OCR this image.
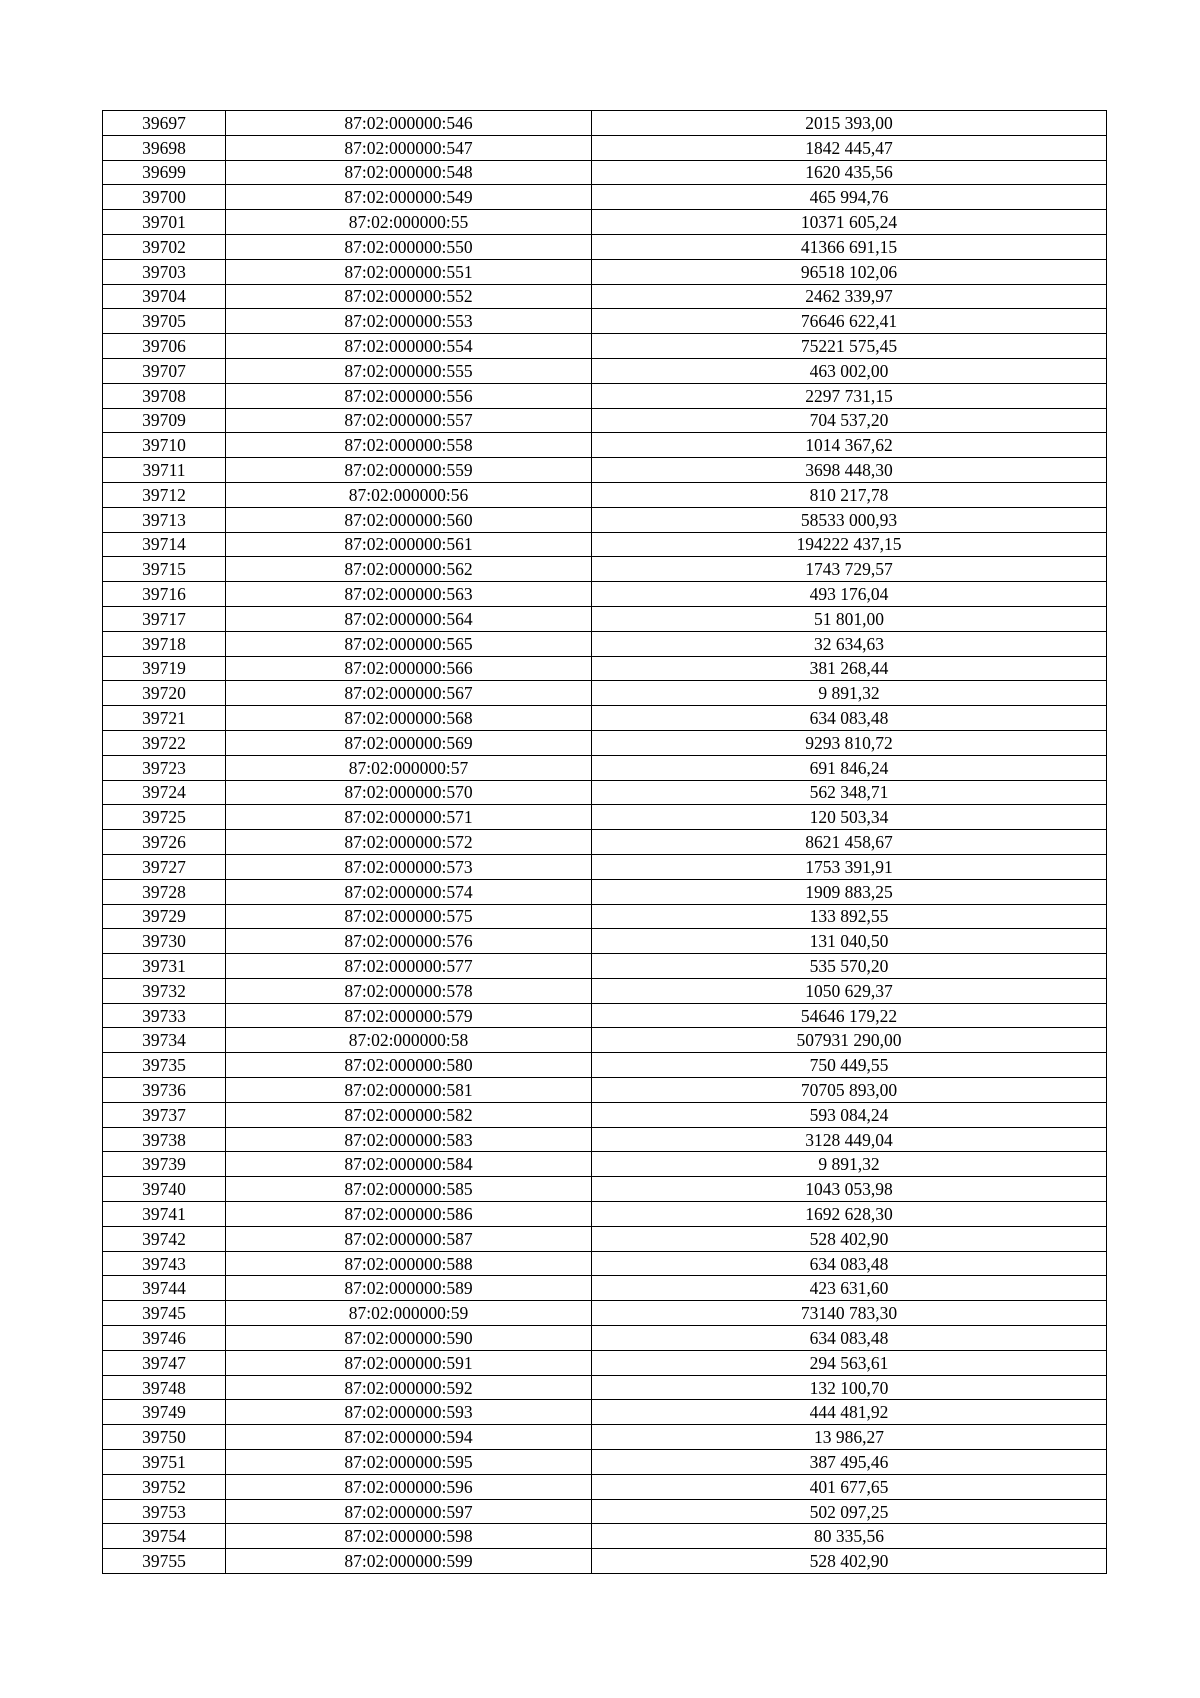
39697	87:02:000000:546	2015 393,00
39698	87:02:000000:547	1842 445,47
39699	87:02:000000:548	1620 435,56
39700	87:02:000000:549	465 994,76
39701	87:02:000000:55	10371 605,24
39702	87:02:000000:550	41366 691,15
39703	87:02:000000:551	96518 102,06
39704	87:02:000000:552	2462 339,97
39705	87:02:000000:553	76646 622,41
39706	87:02:000000:554	75221 575,45
39707	87:02:000000:555	463 002,00
39708	87:02:000000:556	2297 731,15
39709	87:02:000000:557	704 537,20
39710	87:02:000000:558	1014 367,62
39711	87:02:000000:559	3698 448,30
39712	87:02:000000:56	810 217,78
39713	87:02:000000:560	58533 000,93
39714	87:02:000000:561	194222 437,15
39715	87:02:000000:562	1743 729,57
39716	87:02:000000:563	493 176,04
39717	87:02:000000:564	51 801,00
39718	87:02:000000:565	32 634,63
39719	87:02:000000:566	381 268,44
39720	87:02:000000:567	9 891,32
39721	87:02:000000:568	634 083,48
39722	87:02:000000:569	9293 810,72
39723	87:02:000000:57	691 846,24
39724	87:02:000000:570	562 348,71
39725	87:02:000000:571	120 503,34
39726	87:02:000000:572	8621 458,67
39727	87:02:000000:573	1753 391,91
39728	87:02:000000:574	1909 883,25
39729	87:02:000000:575	133 892,55
39730	87:02:000000:576	131 040,50
39731	87:02:000000:577	535 570,20
39732	87:02:000000:578	1050 629,37
39733	87:02:000000:579	54646 179,22
39734	87:02:000000:58	507931 290,00
39735	87:02:000000:580	750 449,55
39736	87:02:000000:581	70705 893,00
39737	87:02:000000:582	593 084,24
39738	87:02:000000:583	3128 449,04
39739	87:02:000000:584	9 891,32
39740	87:02:000000:585	1043 053,98
39741	87:02:000000:586	1692 628,30
39742	87:02:000000:587	528 402,90
39743	87:02:000000:588	634 083,48
39744	87:02:000000:589	423 631,60
39745	87:02:000000:59	73140 783,30
39746	87:02:000000:590	634 083,48
39747	87:02:000000:591	294 563,61
39748	87:02:000000:592	132 100,70
39749	87:02:000000:593	444 481,92
39750	87:02:000000:594	13 986,27
39751	87:02:000000:595	387 495,46
39752	87:02:000000:596	401 677,65
39753	87:02:000000:597	502 097,25
39754	87:02:000000:598	80 335,56
39755	87:02:000000:599	528 402,90
